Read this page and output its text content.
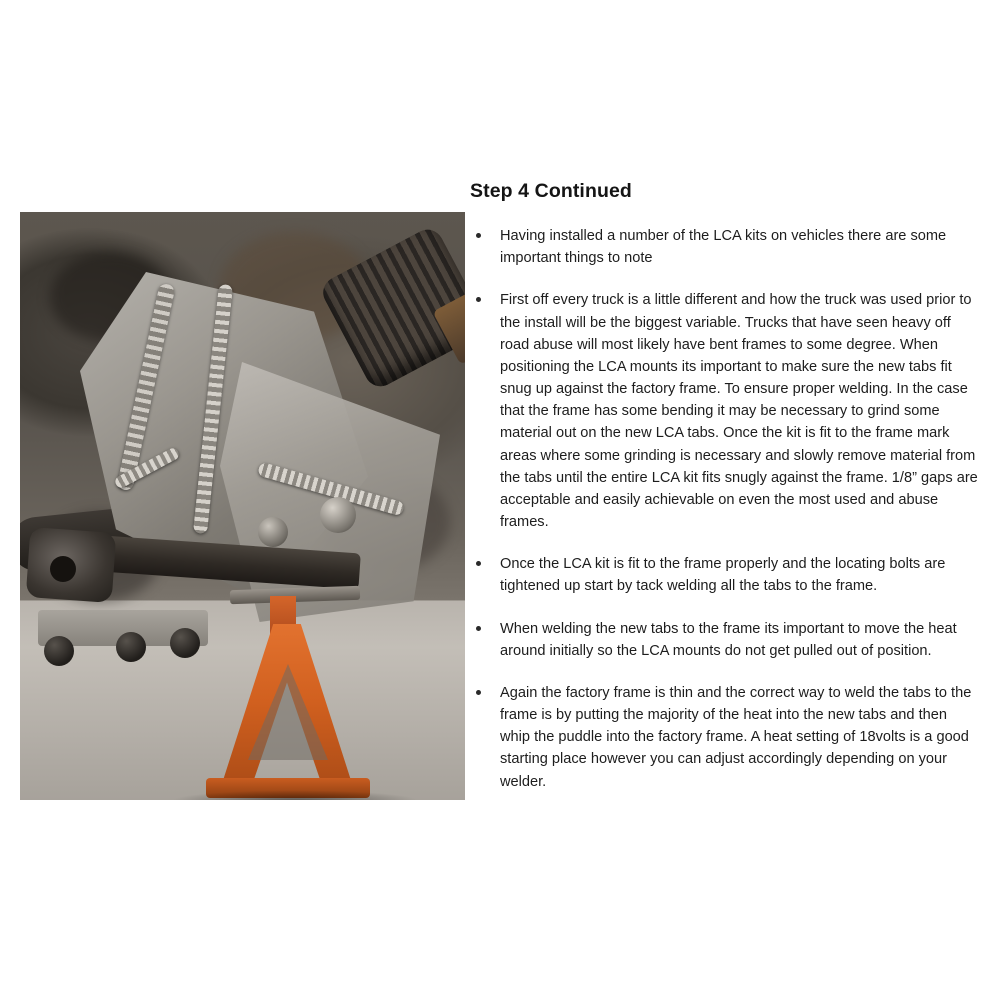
Step 4 Continued
Having installed a number of the LCA kits on vehicles there are some important things to note
First off every truck is a little different and how the truck was used prior to the install will be the biggest variable. Trucks that have seen heavy off road abuse will most likely have bent frames to some degree. When positioning the LCA mounts its important to make sure the new tabs fit snug up against the factory frame. To ensure proper welding. In the case that the frame has some bending it may be necessary to grind some material out on the new LCA tabs. Once the kit is fit to the frame mark areas where some grinding is necessary and slowly remove material from the tabs until the entire LCA kit fits snugly against the frame. 1/8” gaps are acceptable and easily achievable on even the most used and abuse frames.
Once the LCA kit is fit to the frame properly and the locating bolts are tightened up start by tack welding all the tabs to the frame.
When welding the new tabs to the frame its important to move the heat around initially so the LCA mounts do not get pulled out of position.
Again the factory frame is thin and the correct way to weld the tabs to the frame is by putting the majority of the heat into the new tabs and then whip the puddle into the factory frame. A heat setting of 18volts is a good starting place however you can adjust accordingly depending on your welder.
